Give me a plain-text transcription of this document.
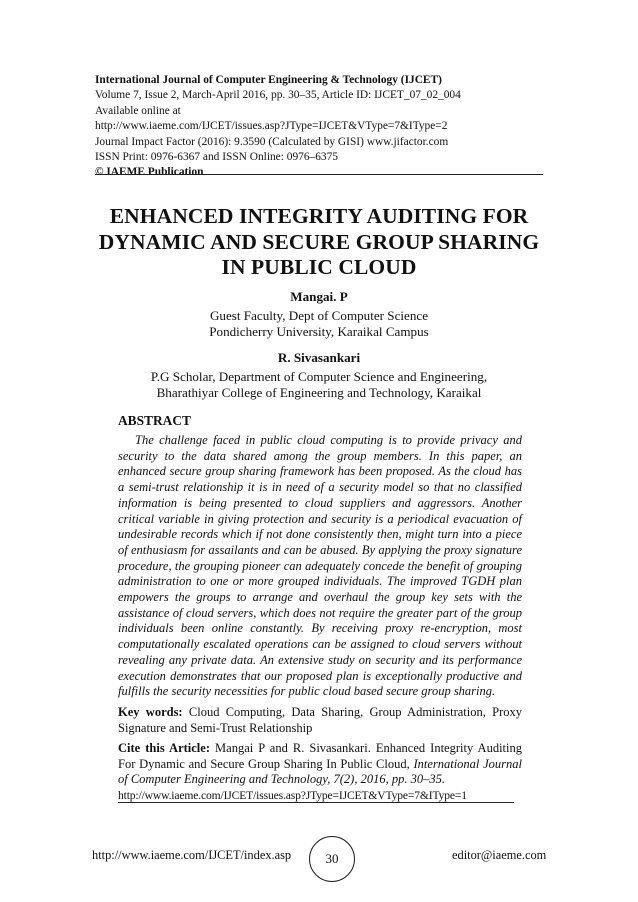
International Journal of Computer Engineering & Technology (IJCET)
Volume 7, Issue 2, March-April 2016, pp. 30–35, Article ID: IJCET_07_02_004
Available online at
http://www.iaeme.com/IJCET/issues.asp?JType=IJCET&VType=7&IType=2
Journal Impact Factor (2016): 9.3590 (Calculated by GISI) www.jifactor.com
ISSN Print: 0976-6367 and ISSN Online: 0976–6375
© IAEME Publication
ENHANCED INTEGRITY AUDITING FOR
DYNAMIC AND SECURE GROUP SHARING
IN PUBLIC CLOUD
Mangai. P
Guest Faculty, Dept of Computer Science
Pondicherry University, Karaikal Campus
R. Sivasankari
P.G Scholar, Department of Computer Science and Engineering,
Bharathiyar College of Engineering and Technology, Karaikal
ABSTRACT
The challenge faced in public cloud computing is to provide privacy and security to the data shared among the group members. In this paper, an enhanced secure group sharing framework has been proposed. As the cloud has a semi-trust relationship it is in need of a security model so that no classified information is being presented to cloud suppliers and aggressors. Another critical variable in giving protection and security is a periodical evacuation of undesirable records which if not done consistently then, might turn into a piece of enthusiasm for assailants and can be abused. By applying the proxy signature procedure, the grouping pioneer can adequately concede the benefit of grouping administration to one or more grouped individuals. The improved TGDH plan empowers the groups to arrange and overhaul the group key sets with the assistance of cloud servers, which does not require the greater part of the group individuals been online constantly. By receiving proxy re-encryption, most computationally escalated operations can be assigned to cloud servers without revealing any private data. An extensive study on security and its performance execution demonstrates that our proposed plan is exceptionally productive and fulfills the security necessities for public cloud based secure group sharing.
Key words: Cloud Computing, Data Sharing, Group Administration, Proxy Signature and Semi-Trust Relationship
Cite this Article: Mangai P and R. Sivasankari. Enhanced Integrity Auditing For Dynamic and Secure Group Sharing In Public Cloud, International Journal of Computer Engineering and Technology, 7(2), 2016, pp. 30–35.
http://www.iaeme.com/IJCET/issues.asp?JType=IJCET&VType=7&IType=1
http://www.iaeme.com/IJCET/index.asp	30	editor@iaeme.com
